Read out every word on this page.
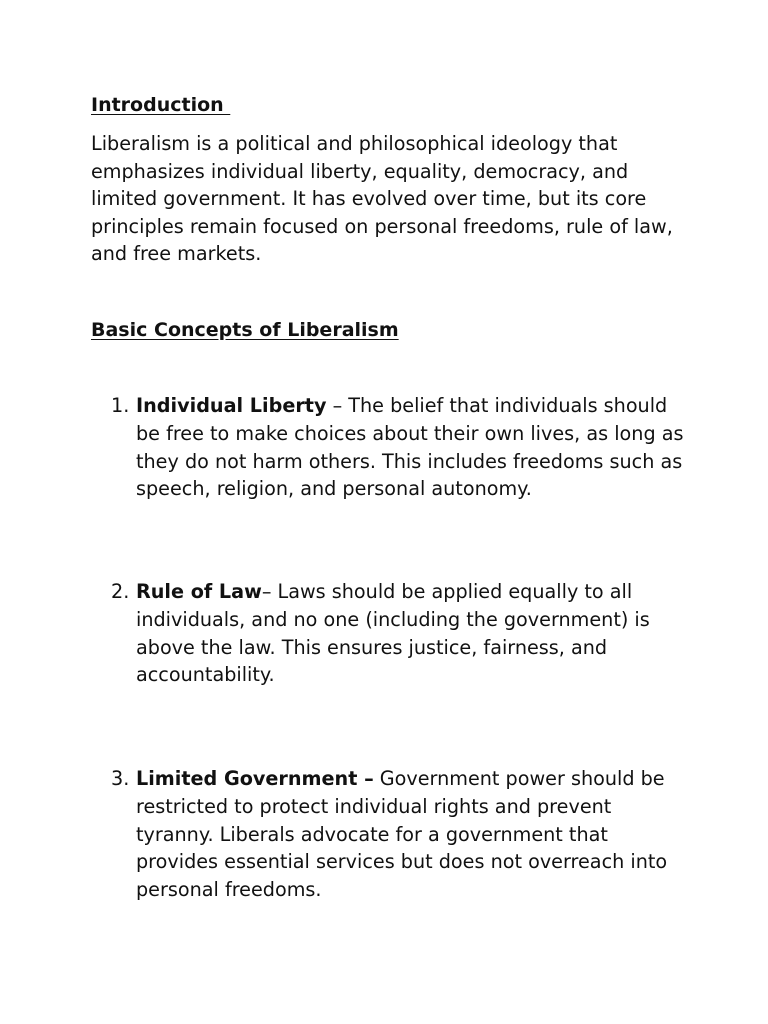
Introduction

Liberalism is a political and philosophical ideology that emphasizes individual liberty, equality, democracy, and limited government. It has evolved over time, but its core principles remain focused on personal freedoms, rule of law, and free markets.

Basic Concepts of Liberalism
1. Individual Liberty – The belief that individuals should be free to make choices about their own lives, as long as they do not harm others. This includes freedoms such as speech, religion, and personal autonomy.
2. Rule of Law– Laws should be applied equally to all individuals, and no one (including the government) is above the law. This ensures justice, fairness, and accountability.
3. Limited Government – Government power should be restricted to protect individual rights and prevent tyranny. Liberals advocate for a government that provides essential services but does not overreach into personal freedoms.
